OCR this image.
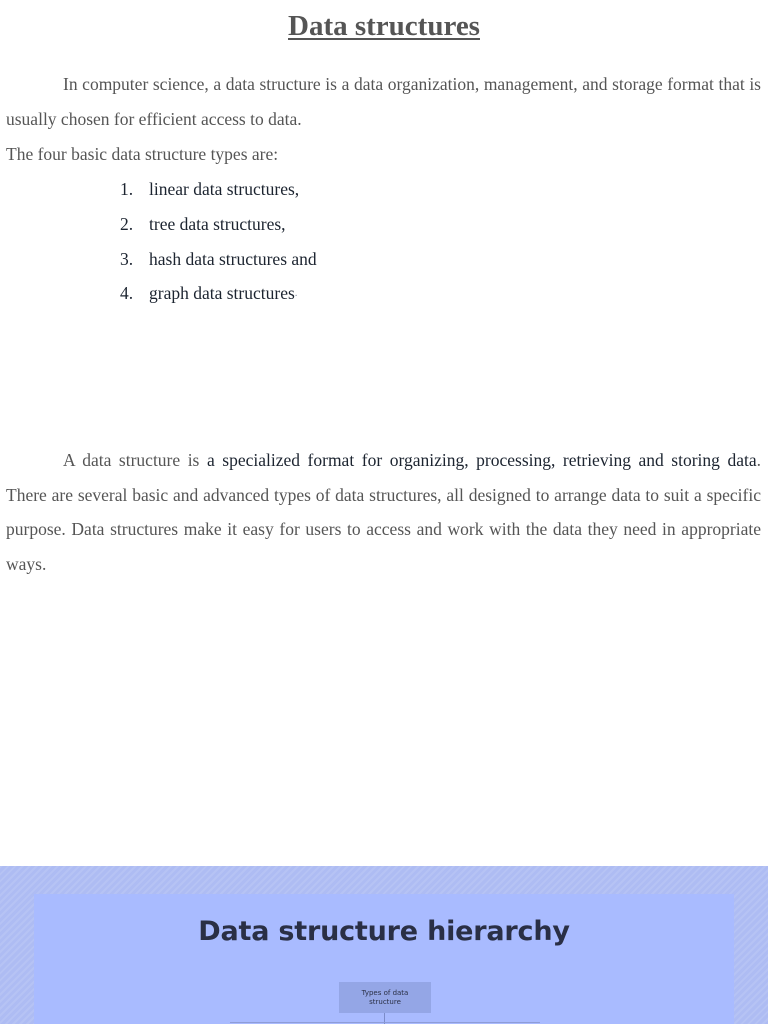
Data structures

In computer science, a data structure is a data organization, management, and storage format that is usually chosen for efficient access to data.

The four basic data structure types are:

1. linear data structures,
2. tree data structures,
3. hash data structures and
4. graph data structures .

A data structure is a specialized format for organizing, processing, retrieving and storing data. There are several basic and advanced types of data structures, all designed to arrange data to suit a specific purpose. Data structures make it easy for users to access and work with the data they need in appropriate ways.

Data structure hierarchy
Types of data structure
